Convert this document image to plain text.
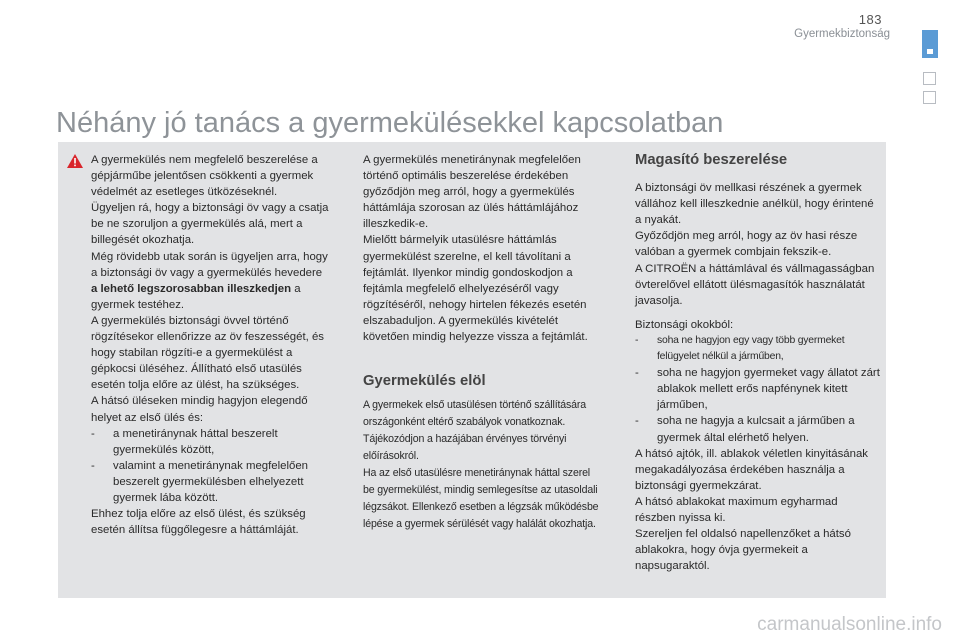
183
Gyermekbiztonság
Néhány jó tanács a gyermekülésekkel kapcsolatban

A gyermekülés nem megfelelő beszerelése a gépjárműbe jelentősen csökkenti a gyermek védelmét az esetleges ütközéseknél.

Ügyeljen rá, hogy a biztonsági öv vagy a csatja be ne szoruljon a gyermekülés alá, mert a billegését okozhatja.

Még rövidebb utak során is ügyeljen arra, hogy a biztonsági öv vagy a gyermekülés hevedere a lehető legszorosabban illeszkedjen a gyermek testéhez.

A gyermekülés biztonsági övvel történő rögzítésekor ellenőrizze az öv feszességét, és hogy stabilan rögzíti-e a gyermekülést a gépkocsi üléséhez. Állítható első utasülés esetén tolja előre az ülést, ha szükséges.

A hátsó üléseken mindig hagyjon elegendő helyet az első ülés és:

- a menetiránynak háttal beszerelt gyermekülés között,
- valamint a menetiránynak megfelelően beszerelt gyermekülésben elhelyezett gyermek lába között.

Ehhez tolja előre az első ülést, és szükség esetén állítsa függőlegesre a háttámláját.

A gyermekülés menetiránynak megfelelően történő optimális beszerelése érdekében győződjön meg arról, hogy a gyermekülés háttámlája szorosan az ülés háttámlájához illeszkedik-e.

Mielőtt bármelyik utasülésre háttámlás gyermekülést szerelne, el kell távolítani a fejtámlát. Ilyenkor mindig gondoskodjon a fejtámla megfelelő elhelyezéséről vagy rögzítéséről, nehogy hirtelen fékezés esetén elszabaduljon. A gyermekülés kivételét követően mindig helyezze vissza a fejtámlát.

Gyermekülés elöl

A gyermekek első utasülésen történő szállítására országonként eltérő szabályok vonatkoznak.

Tájékozódjon a hazájában érvényes törvényi előírásokról.

Ha az első utasülésre menetiránynak háttal szerel be gyermekülést, mindig semlegesítse az utasoldali légzsákot. Ellenkező esetben a légzsák működésbe lépése a gyermek sérülését vagy halálát okozhatja.

Magasító beszerelése

A biztonsági öv mellkasi részének a gyermek vállához kell illeszkednie anélkül, hogy érintené a nyakát.

Győződjön meg arról, hogy az öv hasi része valóban a gyermek combjain fekszik-e.

A CITROËN a háttámlával és vállmagasságban övterelővel ellátott ülésmagasítók használatát javasolja.

Biztonsági okokból:

- soha ne hagyjon egy vagy több gyermeket felügyelet nélkül a járműben,
- soha ne hagyjon gyermeket vagy állatot zárt ablakok mellett erős napfénynek kitett járműben,
- soha ne hagyja a kulcsait a járműben a gyermek által elérhető helyen.

A hátsó ajtók, ill. ablakok véletlen kinyitásának megakadályozása érdekében használja a biztonsági gyermekzárat.

A hátsó ablakokat maximum egyharmad részben nyissa ki.

Szereljen fel oldalsó napellenzőket a hátsó ablakokra, hogy óvja gyermekeit a napsugaraktól.

carmanualsonline.info
